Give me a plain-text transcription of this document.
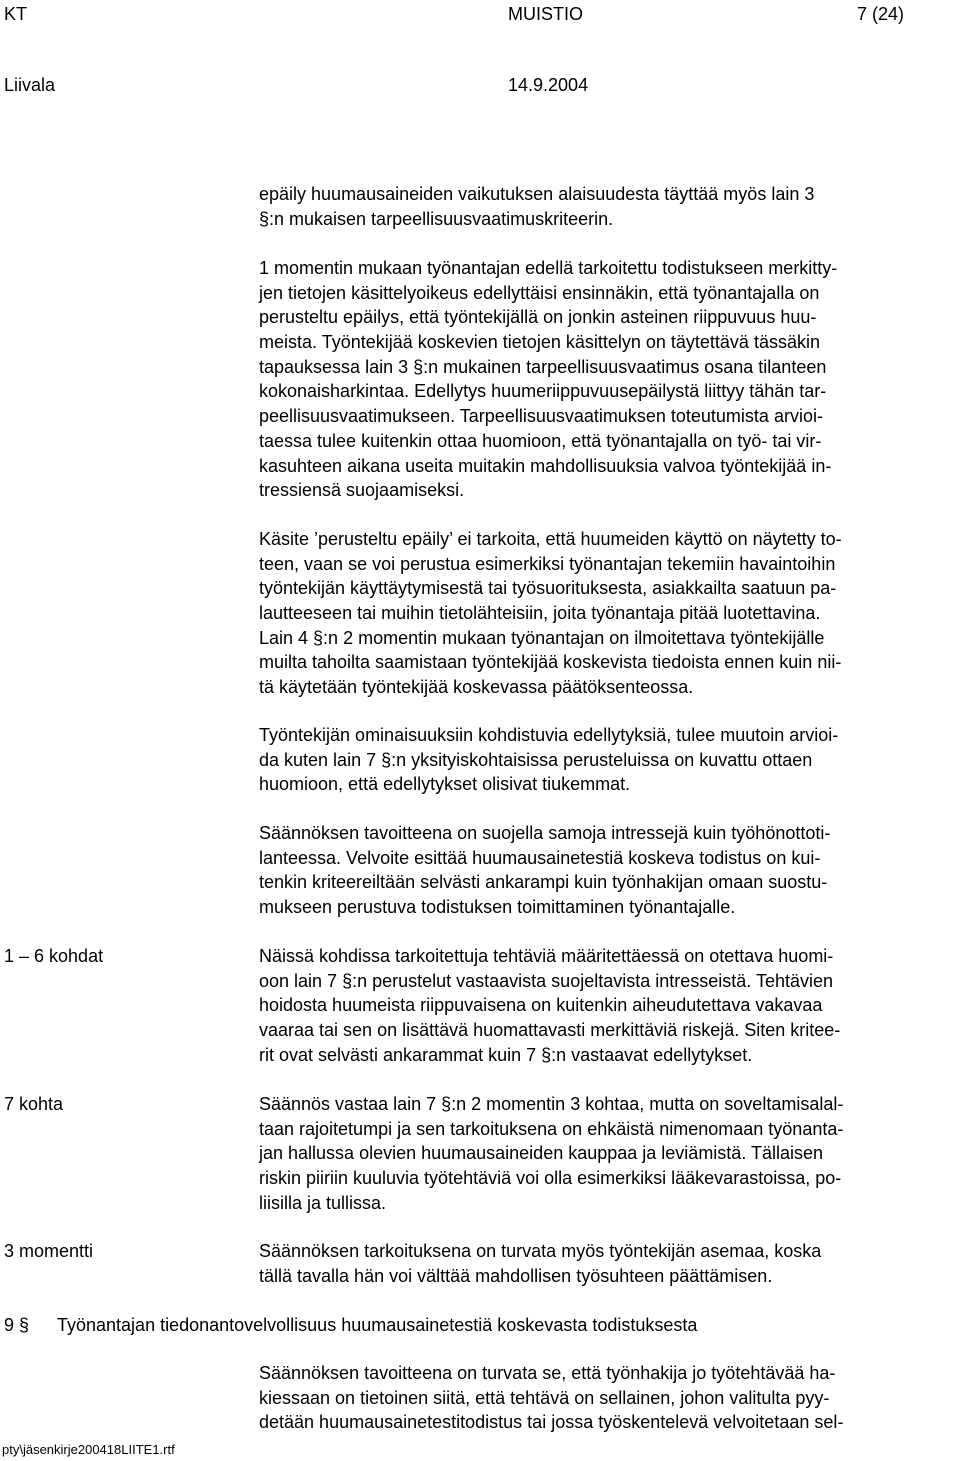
KT	MUISTIO	7 (24)
Liivala	14.9.2004
epäily huumausaineiden vaikutuksen alaisuudesta täyttää myös lain 3
§:n mukaisen tarpeellisuusvaatimuskriteerin.
1 momentin mukaan työnantajan edellä tarkoitettu todistukseen merkitty-
jen tietojen käsittelyoikeus edellyttäisi ensinnäkin, että työnantajalla on
perusteltu epäilys, että työntekijällä on jonkin asteinen riippuvuus huu-
meista. Työntekijää koskevien tietojen käsittelyn on täytettävä tässäkin
tapauksessa lain 3 §:n mukainen tarpeellisuusvaatimus osana tilanteen
kokonaisharkintaa. Edellytys huumeriippuvuusepäilystä liittyy tähän tar-
peellisuusvaatimukseen. Tarpeellisuusvaatimuksen toteutumista arvioi-
taessa tulee kuitenkin ottaa huomioon, että työnantajalla on työ- tai vir-
kasuhteen aikana useita muitakin mahdollisuuksia valvoa työntekijää in-
tressiensä suojaamiseksi.
Käsite ’perusteltu epäily’ ei tarkoita, että huumeiden käyttö on näytetty to-
teen, vaan se voi perustua esimerkiksi työnantajan tekemiin havaintoihin
työntekijän käyttäytymisestä tai työsuorituksesta, asiakkailta saatuun pa-
lautteeseen tai muihin tietolähteisiin, joita työnantaja pitää luotettavina.
Lain 4 §:n 2 momentin mukaan työnantajan on ilmoitettava työntekijälle
muilta tahoilta saamistaan työntekijää koskevista tiedoista ennen kuin nii-
tä käytetään työntekijää koskevassa päätöksenteossa.
Työntekijän ominaisuuksiin kohdistuvia edellytyksiä, tulee muutoin arvioi-
da kuten lain 7 §:n yksityiskohtaisissa perusteluissa on kuvattu ottaen
huomioon, että edellytykset olisivat tiukemmat.
Säännöksen tavoitteena on suojella samoja intressejä kuin työhönottoti-
lanteessa. Velvoite esittää huumausainetestiä koskeva todistus on kui-
tenkin kriteereiltään selvästi ankarampi kuin työnhakijan omaan suostu-
mukseen perustuva todistuksen toimittaminen työnantajalle.
1 – 6 kohdat	Näissä kohdissa tarkoitettuja tehtäviä määritettäessä on otettava huomi-
oon lain 7 §:n perustelut vastaavista suojeltavista intresseistä. Tehtävien
hoidosta huumeista riippuvaisena on kuitenkin aiheudutettava vakavaa
vaaraa tai sen on lisättävä huomattavasti merkittäviä riskejä. Siten kritee-
rit ovat selvästi ankarammat kuin 7 §:n vastaavat edellytykset.
7 kohta	Säännös vastaa lain 7 §:n 2 momentin 3 kohtaa, mutta on soveltamisalal-
taan rajoitetumpi ja sen tarkoituksena on ehkäistä nimenomaan työnanta-
jan hallussa olevien huumausaineiden kauppaa ja leviämistä. Tällaisen
riskin piiriin kuuluvia työtehtäviä voi olla esimerkiksi lääkevarastoissa, po-
liisilla ja tullissa.
3 momentti	Säännöksen tarkoituksena on turvata myös työntekijän asemaa, koska
tällä tavalla hän voi välttää mahdollisen työsuhteen päättämisen.
9 § Työnantajan tiedonantovelvollisuus huumausainetestiä koskevasta todistuksesta
Säännöksen tavoitteena on turvata se, että työnhakija jo työtehtävää ha-
kiessaan on tietoinen siitä, että tehtävä on sellainen, johon valitulta pyy-
detään huumausainetestitodistus tai jossa työskentelevä velvoitetaan sel-
pty\jäsenkirje200418LIITE1.rtf
